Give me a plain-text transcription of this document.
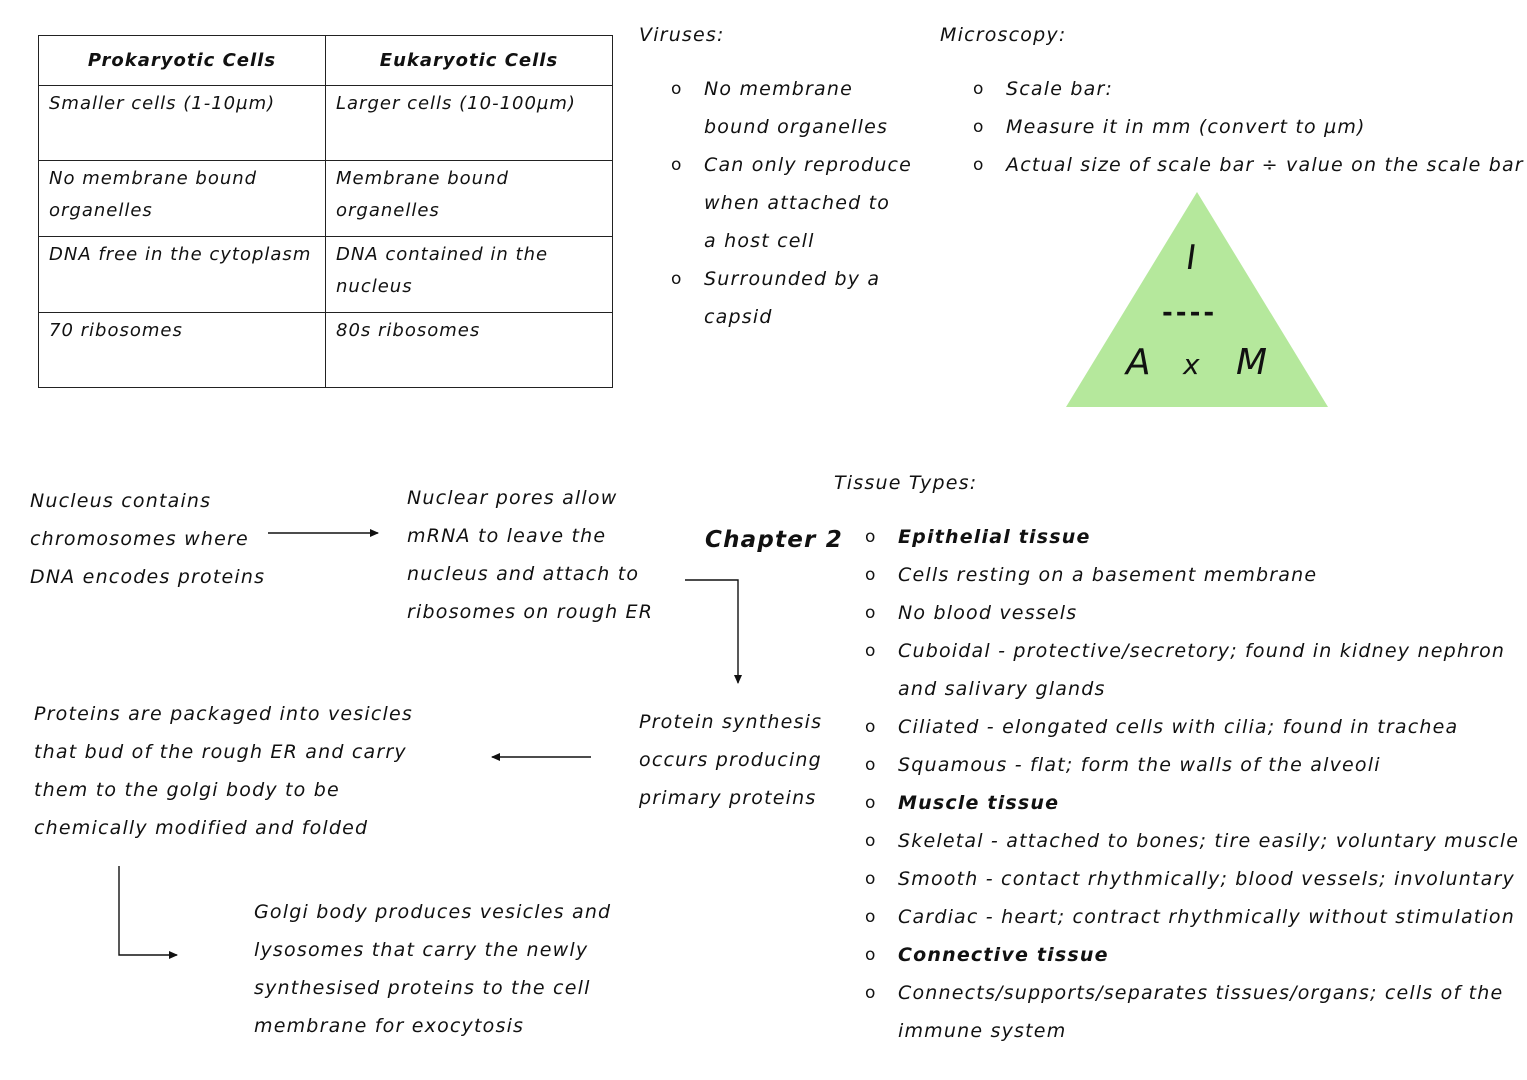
Prokaryotic Cells	Eukaryotic Cells

Smaller cells (1-10µm)	Larger cells (10-100µm)

No membrane bound
organelles	Membrane bound organelles

DNA free in the cytoplasm	DNA contained in the
nucleus

70 ribosomes	80s ribosomes
Viruses:
o No membrane
bound organelles
o Can only reproduce
when attached to
a host cell
o Surrounded by a
capsid
Microscopy:
o Scale bar:
o Measure it in mm (convert to µm)
o Actual size of scale bar ÷ value on the scale bar
I
----
A x M
Nucleus contains
chromosomes where
DNA encodes proteins
Nuclear pores allow
mRNA to leave the
nucleus and attach to
ribosomes on rough ER
Chapter 2
Protein synthesis
occurs producing
primary proteins
Proteins are packaged into vesicles
that bud of the rough ER and carry
them to the golgi body to be
chemically modified and folded
Golgi body produces vesicles and
lysosomes that carry the newly
synthesised proteins to the cell
membrane for exocytosis
Tissue Types:
o Epithelial tissue
o Cells resting on a basement membrane
o No blood vessels
o Cuboidal - protective/secretory; found in kidney nephron
and salivary glands
o Ciliated - elongated cells with cilia; found in trachea
o Squamous - flat; form the walls of the alveoli
o Muscle tissue
o Skeletal - attached to bones; tire easily; voluntary muscle
o Smooth - contact rhythmically; blood vessels; involuntary
o Cardiac - heart; contract rhythmically without stimulation
o Connective tissue
o Connects/supports/separates tissues/organs; cells of the
immune system
